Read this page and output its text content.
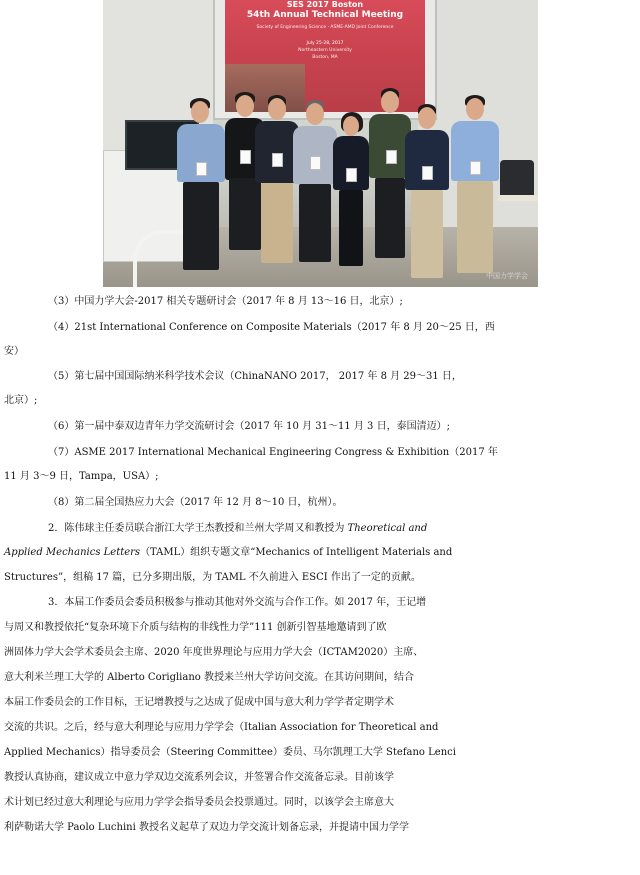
SES 2017 Boston
54th Annual Technical Meeting
Society of Engineering Science · ASME-AMD Joint Conference
July 25-28, 2017
Northeastern University
Boston, MA
中国力学学会
（3）中国力学大会-2017 相关专题研讨会（2017 年 8 月 13～16 日，北京）;
（4）21st International Conference on Composite Materials（2017 年 8 月 20～25 日，西
安）
（5）第七届中国国际纳米科学技术会议（ChinaNANO 2017， 2017 年 8 月 29～31 日，
北京）;
（6）第一届中泰双边青年力学交流研讨会（2017 年 10 月 31～11 月 3 日，泰国清迈）;
（7）ASME 2017 International Mechanical Engineering Congress & Exhibition（2017 年
11 月 3～9 日，Tampa，USA）;
（8）第二届全国热应力大会（2017 年 12 月 8～10 日，杭州）。
2．陈伟球主任委员联合浙江大学王杰教授和兰州大学周又和教授为 Theoretical and
Applied Mechanics Letters（TAML）组织专题文章“Mechanics of Intelligent Materials and
Structures”，组稿 17 篇，已分多期出版，为 TAML 不久前进入 ESCI 作出了一定的贡献。
3．本届工作委员会委员积极参与推动其他对外交流与合作工作。如 2017 年，王记增
与周又和教授依托“复杂环境下介质与结构的非线性力学”111 创新引智基地邀请到了欧
洲固体力学大会学术委员会主席、2020 年度世界理论与应用力学大会（ICTAM2020）主席、
意大利米兰理工大学的 Alberto Corigliano 教授来兰州大学访问交流。在其访问期间，结合
本届工作委员会的工作目标，王记增教授与之达成了促成中国与意大利力学学者定期学术
交流的共识。之后，经与意大利理论与应用力学学会（Italian Association for Theoretical and
Applied Mechanics）指导委员会（Steering Committee）委员、马尔凯理工大学 Stefano Lenci
教授认真协商，建议成立中意力学双边交流系列会议，并签署合作交流备忘录。目前该学
术计划已经过意大利理论与应用力学学会指导委员会投票通过。同时，以该学会主席意大
利萨勒诺大学 Paolo Luchini 教授名义起草了双边力学交流计划备忘录，并提请中国力学学
